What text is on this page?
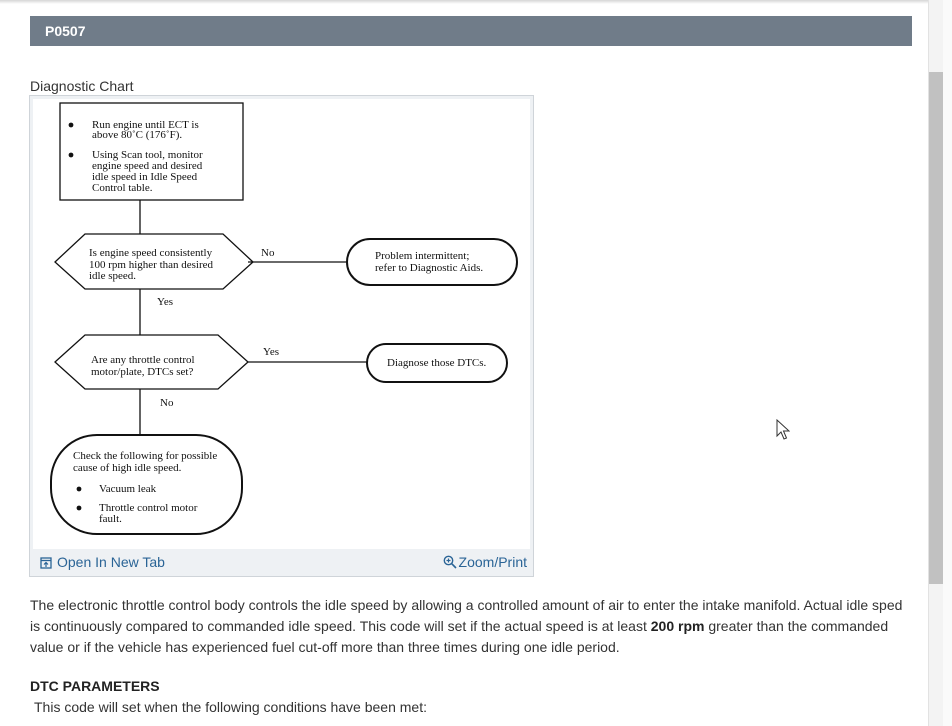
P0507
Diagnostic Chart
Run engine until ECT is above 80˚C (176˚F).
Using Scan tool, monitor engine speed and desired idle speed in Idle Speed Control table.
Is engine speed consistently 100 rpm higher than desired idle speed.
No
Yes
Problem intermittent; refer to Diagnostic Aids.
Are any throttle control motor/plate, DTCs set?
Yes
No
Diagnose those DTCs.
Check the following for possible cause of high idle speed.
Vacuum leak
Throttle control motor fault.
Open In New Tab	Zoom/Print
The electronic throttle control body controls the idle speed by allowing a controlled amount of air to enter the intake manifold. Actual idle sped is continuously compared to commanded idle speed. This code will set if the actual speed is at least 200 rpm greater than the commanded value or if the vehicle has experienced fuel cut-off more than three times during one idle period.
DTC PARAMETERS
This code will set when the following conditions have been met:
